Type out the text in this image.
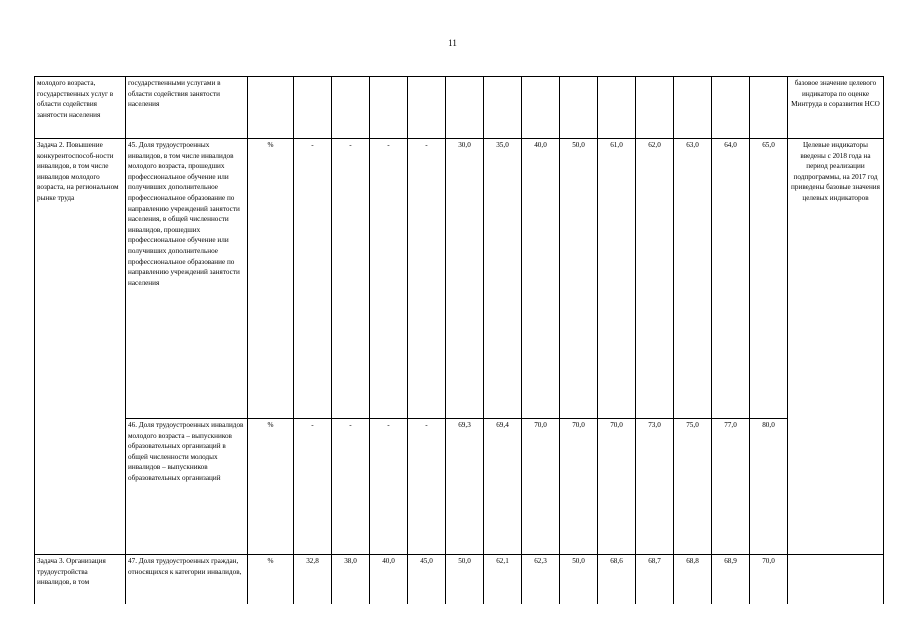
11
молодого возраста, государственных услуг в области содействия занятости населения	государственными услугами в области содействия занятости населения															базовое значение целевого индикатора по оценке Минтруда в соразвития НСО
Задача 2. Повышение конкурентоспособ-ности инвалидов, в том числе инвалидов молодого возраста, на региональном рынке труда	45. Доля трудоустроенных инвалидов, в том числе инвалидов молодого возраста, прошедших профессиональное обучение или получивших дополнительное профессиональное образование по направлению учреждений занятости населения, в общей численности инвалидов, прошедших профессиональное обучение или получивших дополнительное профессиональное образование по направлению учреждений занятости населения	%	-	-	-	-	30,0	35,0	40,0	50,0	61,0	62,0	63,0	64,0	65,0	Целевые индикаторы введены с 2018 года на период реализации подпрограммы, на 2017 год приведены базовые значения целевых индикаторов
	46. Доля трудоустроенных инвалидов молодого возраста – выпускников образовательных организаций в общей численности молодых инвалидов – выпускников образовательных организаций	%	-	-	-	-	69,3	69,4	70,0	70,0	70,0	73,0	75,0	77,0	80,0	
Задача 3. Организация трудоустройства инвалидов, в том	47. Доля трудоустроенных граждан, относящихся к категории инвалидов,	%	32,8	38,0	40,0	45,0	50,0	62,1	62,3	50,0	68,6	68,7	68,8	68,9	70,0	
